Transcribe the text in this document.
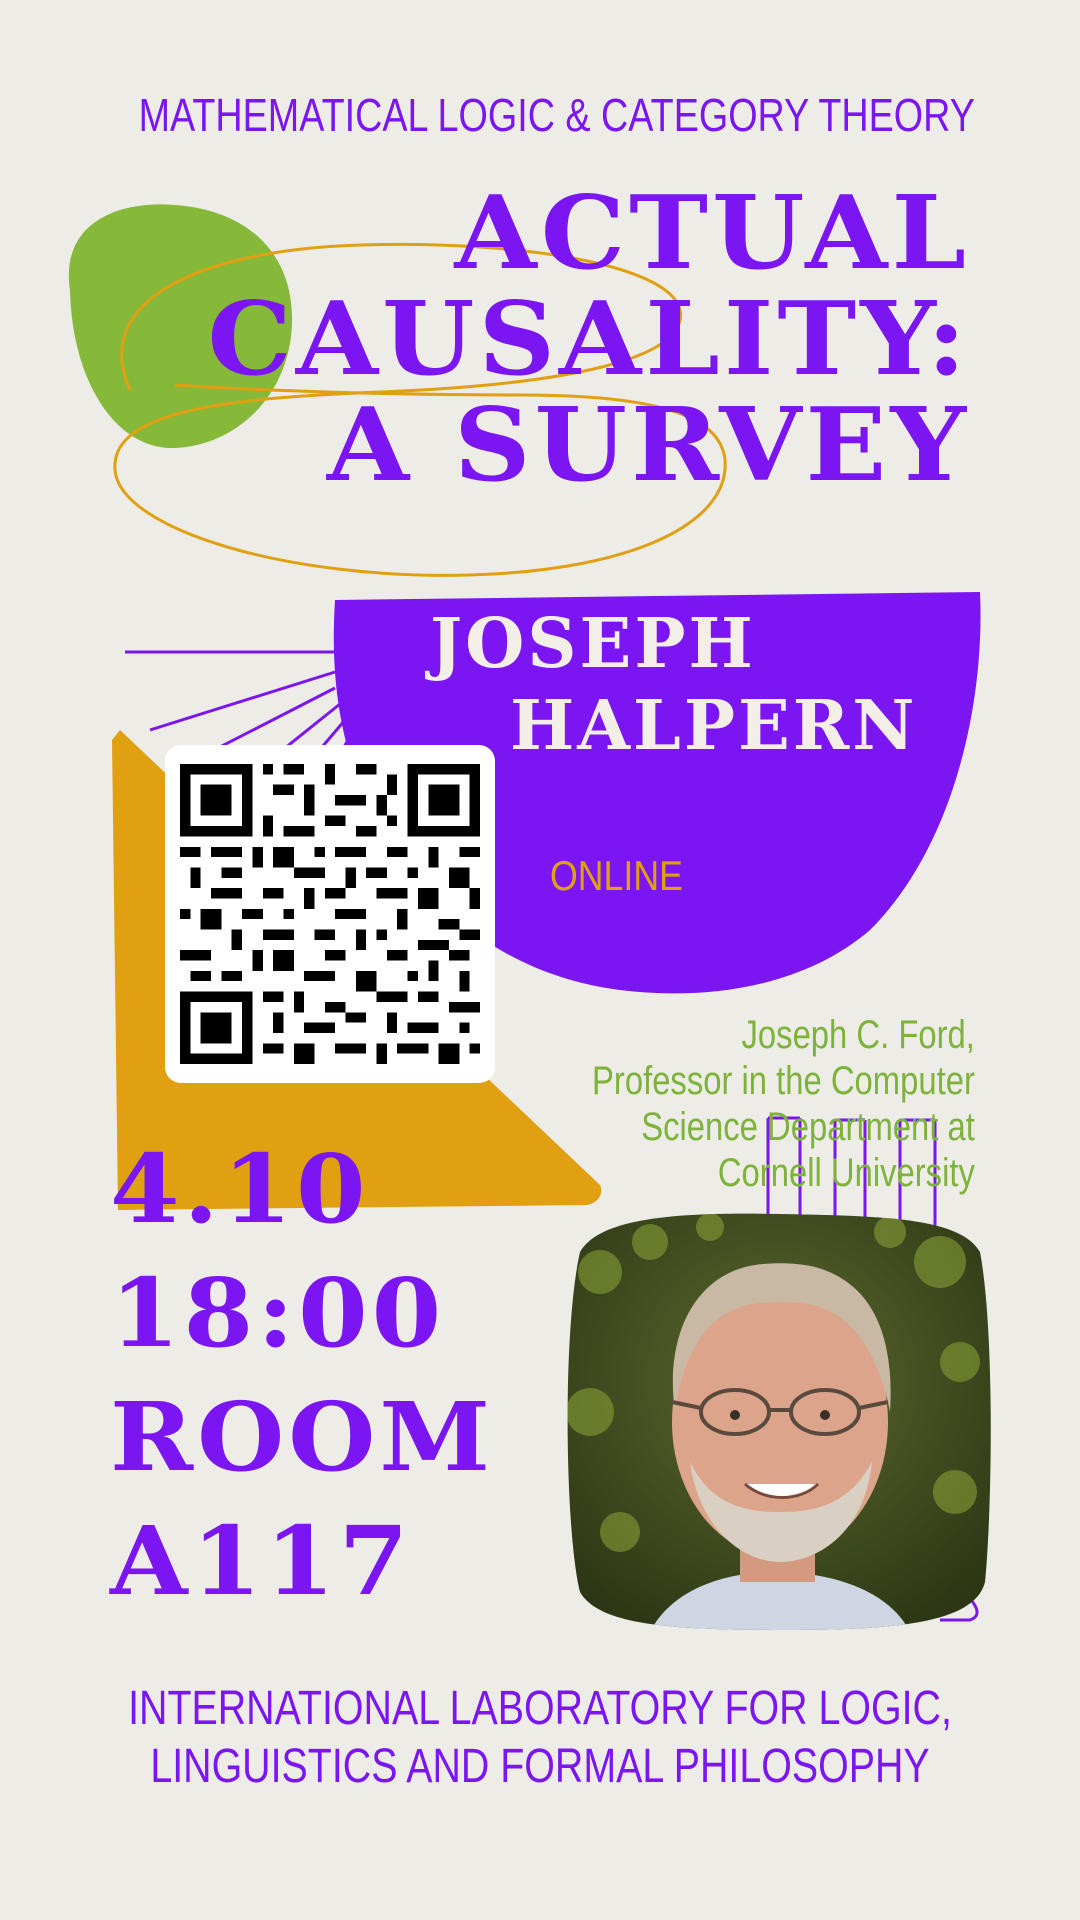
MATHEMATICAL LOGIC & CATEGORY THEORY
ACTUAL
CAUSALITY:
A SURVEY
JOSEPH
HALPERN
ONLINE
Joseph C. Ford,
Professor in the Computer
Science Department at
Cornell University
4.10
18:00
ROOM
A117
INTERNATIONAL LABORATORY FOR LOGIC,
LINGUISTICS AND FORMAL PHILOSOPHY
